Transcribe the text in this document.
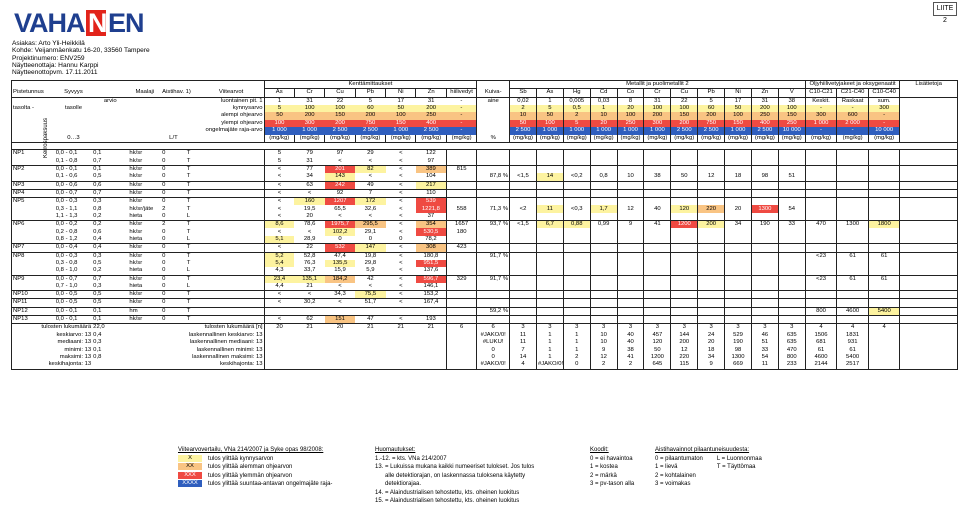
VAHA N EN	LIITE 2
Asiakas: Arto Yli-Heikkilä
Kohde: Veijanmäenkatu 16-20, 33560 Tampere
Projektinumero: ENV259
Näytteenottaja: Hannu Karppi
Näytteenottopvm. 17.11.2011
							Kenttämittaukset								Metallit ja puolimetallit 2											Öljyhiilivetyjakeet ja oksygenaatit			Lisätietoja
Pistetunnus	Syvyys		Maalaji	Aistihav. 1)		Viitearvot	As	Cr	Cu	Pb	Ni	Zn	hiilivedyt	Kuiva-	Sb	As	Hg	Cd	Co	Cr	Cu	Pb	Ni	Zn	V	C10-C21	C21-C40	C10-C40	
		arvio				luontainen pit. 1	1	31	22	5	17	31	-	aine	0,02	1	0,005	0,03	8	31	22	5	17	31	38	Keskit.	Raskaat	sum.	
tasolta -	tasolle					kynnysarvo	5	100	100	60	50	200	-		2	5	0,5	1	20	100	100	60	50	200	100	-	-	300	
						alempi ohjearvo	50	200	150	200	100	250	-		10	50	2	10	100	200	150	200	100	250	150	300	600	-	
						ylempi ohjearvo	100	300	200	750	150	400	-		50	100	5	20	250	300	200	750	150	400	250	1 000	2 000	-	
						ongelmajäte raja-arvo	1 000	1 000	2 500	2 500	1 000	2 500	-		2 500	1 000	1 000	1 000	1 000	1 000	2 500	2 500	1 000	2 500	10 000	-	-	10 000	
	0…3			L/T			(mg/kg)	(mg/kg)	(mg/kg)	(mg/kg)	(mg/kg)	(mg/kg)	(mg/kg)	%	(mg/kg)	(mg/kg)	(mg/kg)	(mg/kg)	(mg/kg)	(mg/kg)	(mg/kg)	(mg/kg)	(mg/kg)	(mg/kg)	(mg/kg)	(mg/kg)	(mg/kg)	(mg/kg)	

NP1	0,0 - 0,1	0,1	hk/sr	0	T		5	79	97	29	<	122																	
	0,1 - 0,8	0,7	hk/sr	0	T		5	31	<	<	<	97																	
NP2	0,0 - 0,1	0,1	hk/sr	0	T		<	77	201	82	<	389	815																
	0,1 - 0,6	0,5	hk/sr	0	T		<	34	143	<	<	104		87,8 %	<1,5	14	<0,2	0,8	10	38	50	12	18	98	51				
NP3	0,0 - 0,6	0,6	hk/sr	0	T		<	63	242	49	<	217																	
NP4	0,0 - 0,7	0,7	hk/sr	0	T		<	<	92	7	<	110																	
NP5	0,0 - 0,3	0,3	hk/sr	0	T		<	160	1207	172	<	539																	
	0,3 - 1,1	0,8	hk/sr/jäte	2	T		<	19,5	65,5	32,6	<	1221,8	558	71,3 %	<2	11	<0,3	1,7	12	40	120	220	20	1300	54				
	1,1 - 1,3	0,2	hieta	0	L		<	20	<	<	<	37																	
NP6	0,0 - 0,2	0,2	hk/sr	2	T		8,6	78,6	1975,7	295,5	<	354	1657	93,7 %	<1,5	6,7	0,88	0,99	9	41	1200	200	34	190	33	470	1300	1800	
	0,2 - 0,8	0,6	hk/sr	0	T		<	<	102,2	29,1	<	530,5	180																
	0,8 - 1,2	0,4	hieta	0	L		5,1	28,9	0	0	0	78,2																	
NP7	0,0 - 0,4	0,4	hk/sr	0	T		<	22	532	147	<	308	423																
NP8	0,0 - 0,3	0,3	hk/sr	0	T		5,2	52,8	47,4	19,8	<	180,8		91,7 %												<23	61	61	
	0,3 - 0,8	0,5	hk/sr	0	T		5,4	76,3	135,5	29,8	<	951,5																	
	0,8 - 1,0	0,2	hieta	0	L		4,3	33,7	15,9	5,9	<	137,6																	
NP9	0,0 - 0,7	0,7	hk/sr	0	T		23,4	135,1	184,2	42	<	596,7	329	91,7 %												<23	61	61	
	0,7 - 1,0	0,3	hieta	0	L		4,4	21	<	<	<	146,1																	
NP10	0,0 - 0,5	0,5	hk/sr	0	T		<	<	34,3	75,5	<	153,2																	
NP11	0,0 - 0,5	0,5	hk/sr	0	T		<	30,2	<	51,7	<	167,4																	
NP12	0,0 - 0,1	0,1	hm	0	T									59,2 %												800	4600	5400	
NP13	0,0 - 0,1	0,1	hk/sr	0	T		<	62	151	47	<	193																	
tulosten lukumäärä		22,0	tulosten lukumäärä [n]				20	21	20	21	21	21	6	6	3	3	3	3	3	3	3	3	3	3	3	4	4	4	
keskiarvo: 13		0,4	laskennallinen keskiarvo: 13											#JAKO/0!	11	1	1	10	40	457	144	24	529	46	635	1506	1831		
mediaani: 13		0,3	laskennallinen mediaani: 13											#LUKU!	11	1	1	10	40	120	200	20	190	51	635	681	931		
minimi: 13		0,1	laskennallinen minimi: 13											0	7	1	1	9	38	50	12	18	98	33	470	61	61		
maksimi: 13		0,8	laskennallinen maksimi: 13											0	14	1	2	12	41	1200	220	34	1300	54	800	4600	5400		
keskihajonta: 13			keskihajonta: 13											#JAKO/0!	4	#JAKO/0!	0	2	2	645	115	9	669	11	233	2144	2517		
Viitearvovertailu, VNa 214/2007 ja Syke opas 98/2008:
X	tulos ylittää kynnysarvon
XX tulos ylittää alemman ohjearvon
XXX tulos ylittää ylemmän ohjearvon
XXXX tulos ylittää suuntaa-antavan ongelmajäte raja-
Huomautukset:
1.-12. = kts. VNa 214/2007
13. = Lukuissa mukana kaikki numeeriset tulokset. Jos tulos
alle detektiorajan, on laskennassa tuloksena käytetty
detektiorajaa.
14. = Alaindustrialisen tehostettu, kts. oheinen luokitus
15. = Alaindustrialisen tehostettu, kts. oheinen luokitus
Koodit:
0 = ei havaintoa
1 = kostea
2 = märkä
3 = pv-tason alla
Aistihavainnot pilaantuneisuudesta:
0 = pilaantumaton
1 = lievä
2 = kohtalainen
3 = voimakas
L = Luonnonmaa
T = Täyttömaa
Kerrospaksuus
